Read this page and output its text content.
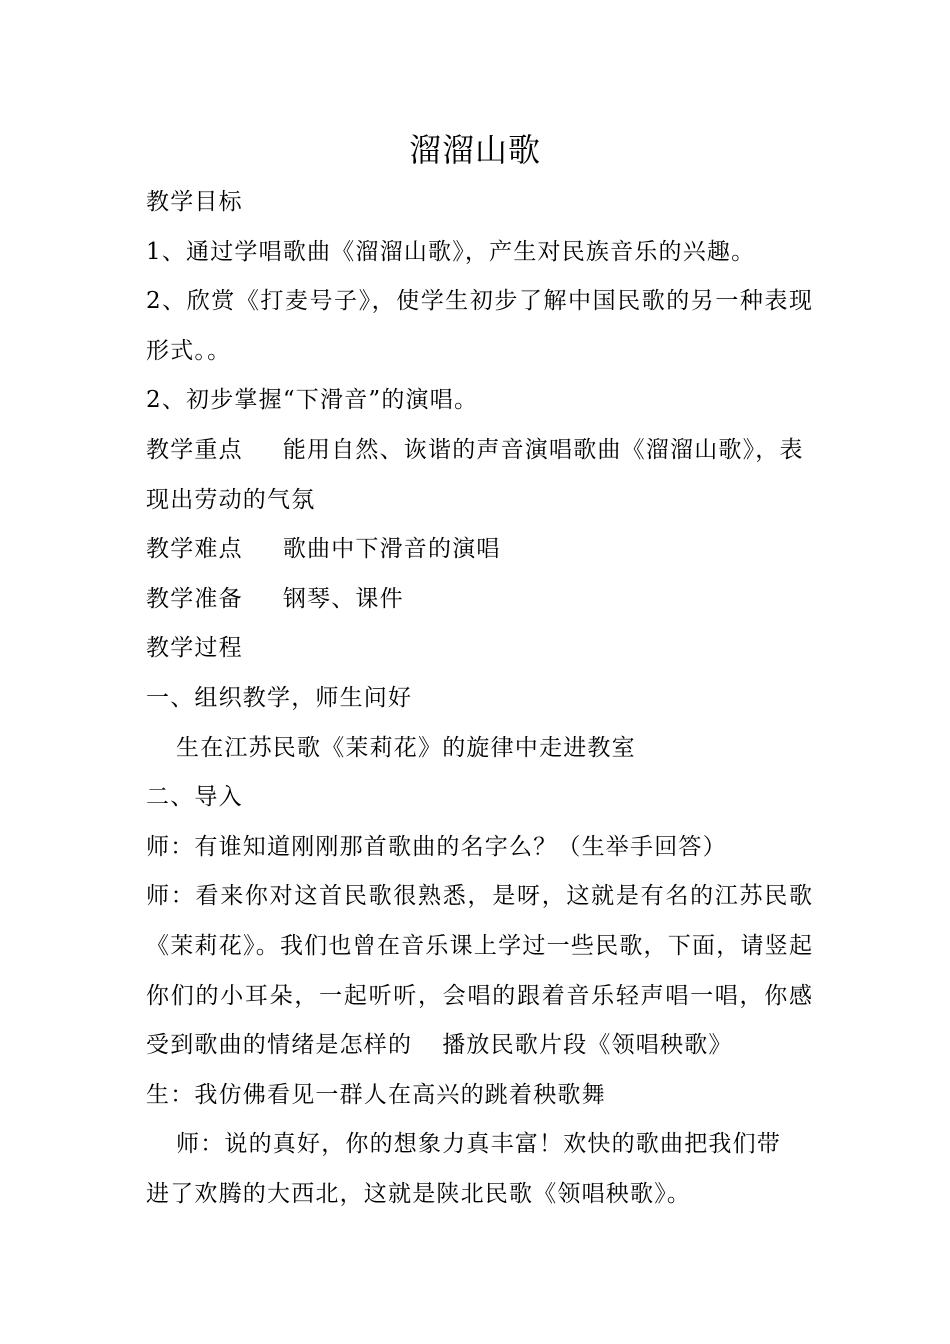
溜溜山歌
教学目标
1、通过学唱歌曲《溜溜山歌》，产生对民族音乐的兴趣。
2、欣赏《打麦号子》，使学生初步了解中国民歌的另一种表现
形式。。
2、初步掌握“下滑音”的演唱。
教学重点 能用自然、诙谐的声音演唱歌曲《溜溜山歌》，表
现出劳动的气氛
教学难点 歌曲中下滑音的演唱
教学准备 钢琴、课件
教学过程
一、组织教学，师生问好
生在江苏民歌《茉莉花》的旋律中走进教室
二、导入
师：有谁知道刚刚那首歌曲的名字么？（生举手回答）
师：看来你对这首民歌很熟悉，是呀，这就是有名的江苏民歌
《茉莉花》。我们也曾在音乐课上学过一些民歌，下面，请竖起
你们的小耳朵，一起听听，会唱的跟着音乐轻声唱一唱，你感
受到歌曲的情绪是怎样的 播放民歌片段《领唱秧歌》
生：我仿佛看见一群人在高兴的跳着秧歌舞
师：说的真好，你的想象力真丰富！欢快的歌曲把我们带
进了欢腾的大西北，这就是陕北民歌《领唱秧歌》。
